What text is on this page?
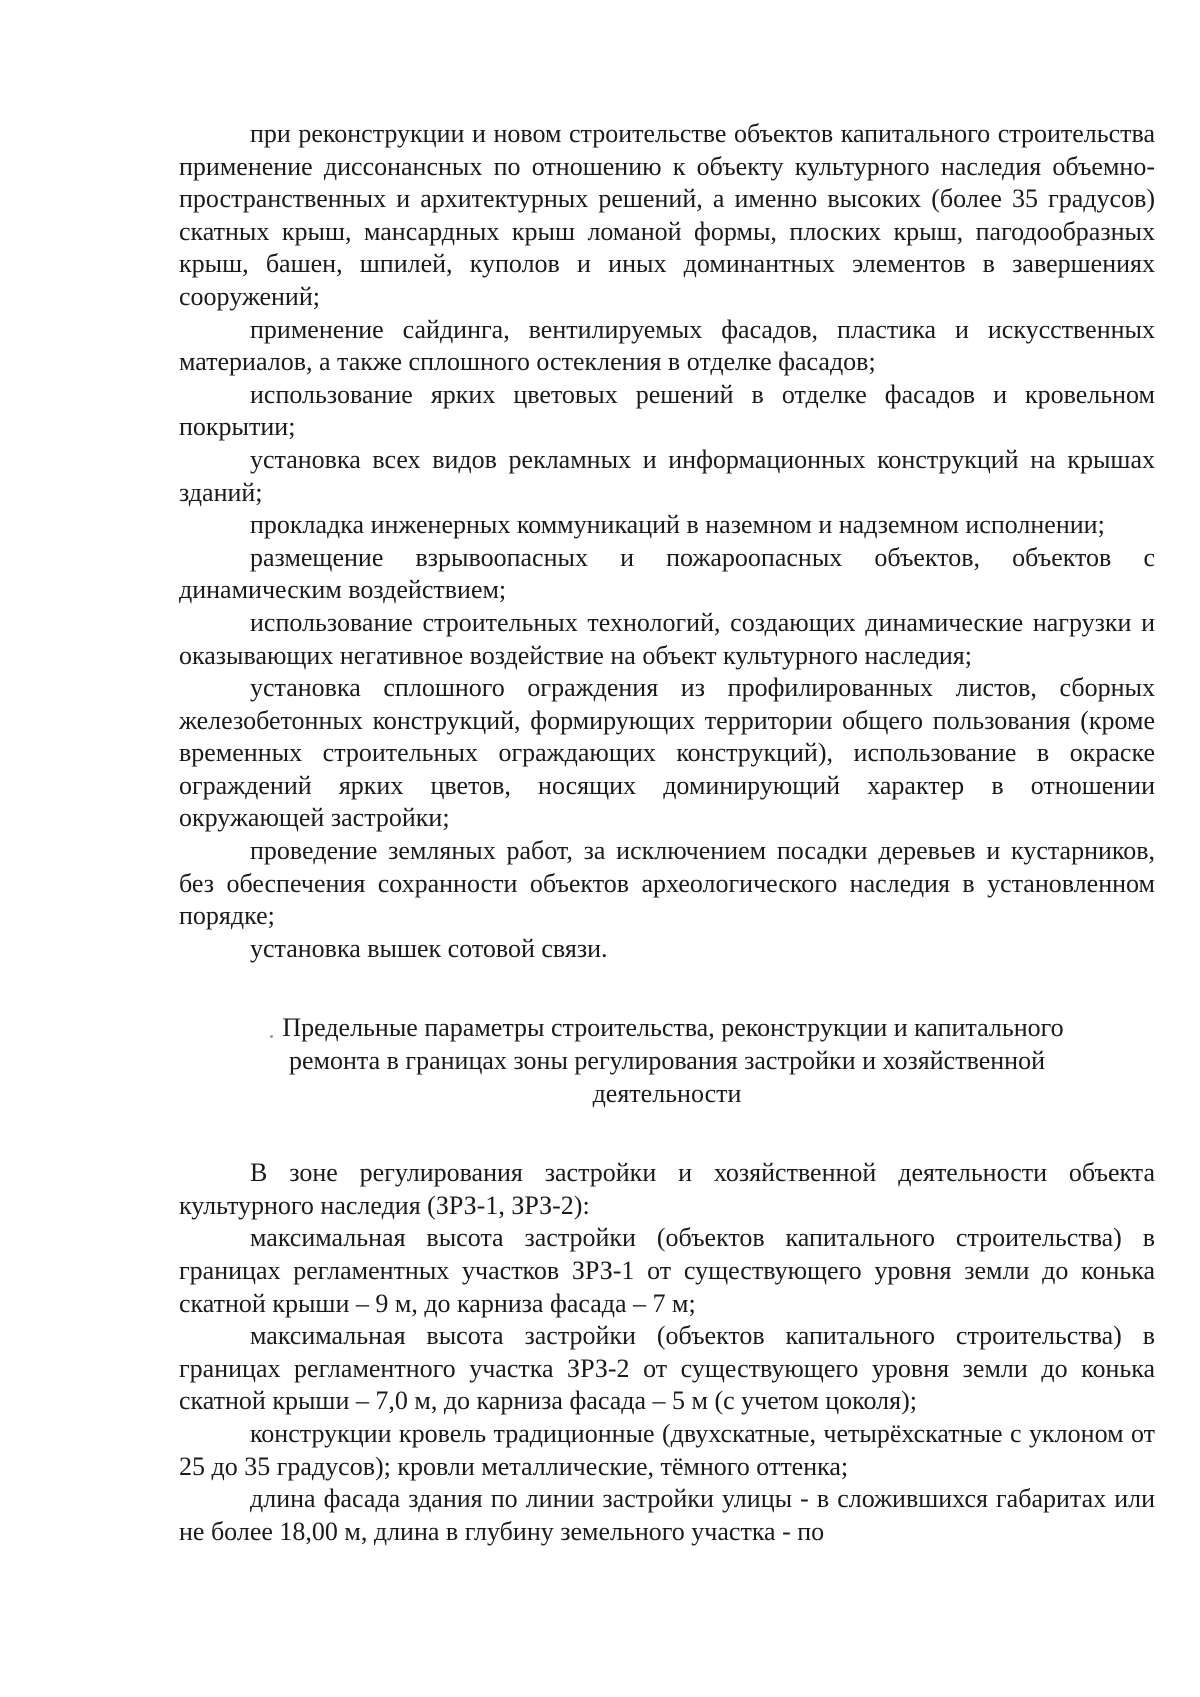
при реконструкции и новом строительстве объектов капитального строительства применение диссонансных по отношению к объекту культурного наследия объемно-пространственных и архитектурных решений, а именно высоких (более 35 градусов) скатных крыш, мансардных крыш ломаной формы, плоских крыш, пагодообразных крыш, башен, шпилей, куполов и иных доминантных элементов в завершениях сооружений;

применение сайдинга, вентилируемых фасадов, пластика и искусственных материалов, а также сплошного остекления в отделке фасадов;

использование ярких цветовых решений в отделке фасадов и кровельном покрытии;

установка всех видов рекламных и информационных конструкций на крышах зданий;

прокладка инженерных коммуникаций в наземном и надземном исполнении;

размещение взрывоопасных и пожароопасных объектов, объектов с динамическим воздействием;

использование строительных технологий, создающих динамические нагрузки и оказывающих негативное воздействие на объект культурного наследия;

установка сплошного ограждения из профилированных листов, сборных железобетонных конструкций, формирующих территории общего пользования (кроме временных строительных ограждающих конструкций), использование в окраске ограждений ярких цветов, носящих доминирующий характер в отношении окружающей застройки;

проведение земляных работ, за исключением посадки деревьев и кустарников, без обеспечения сохранности объектов археологического наследия в установленном порядке;

установка вышек сотовой связи.

Предельные параметры строительства, реконструкции и капитального ремонта в границах зоны регулирования застройки и хозяйственной деятельности

В зоне регулирования застройки и хозяйственной деятельности объекта культурного наследия (ЗРЗ-1, ЗРЗ-2):

максимальная высота застройки (объектов капитального строительства) в границах регламентных участков ЗРЗ-1 от существующего уровня земли до конька скатной крыши – 9 м, до карниза фасада – 7 м;

максимальная высота застройки (объектов капитального строительства) в границах регламентного участка ЗРЗ-2 от существующего уровня земли до конька скатной крыши – 7,0 м, до карниза фасада – 5 м (с учетом цоколя);

конструкции кровель традиционные (двухскатные, четырёхскатные с уклоном от 25 до 35 градусов); кровли металлические, тёмного оттенка;

длина фасада здания по линии застройки улицы - в сложившихся габаритах или не более 18,00 м, длина в глубину земельного участка - по
